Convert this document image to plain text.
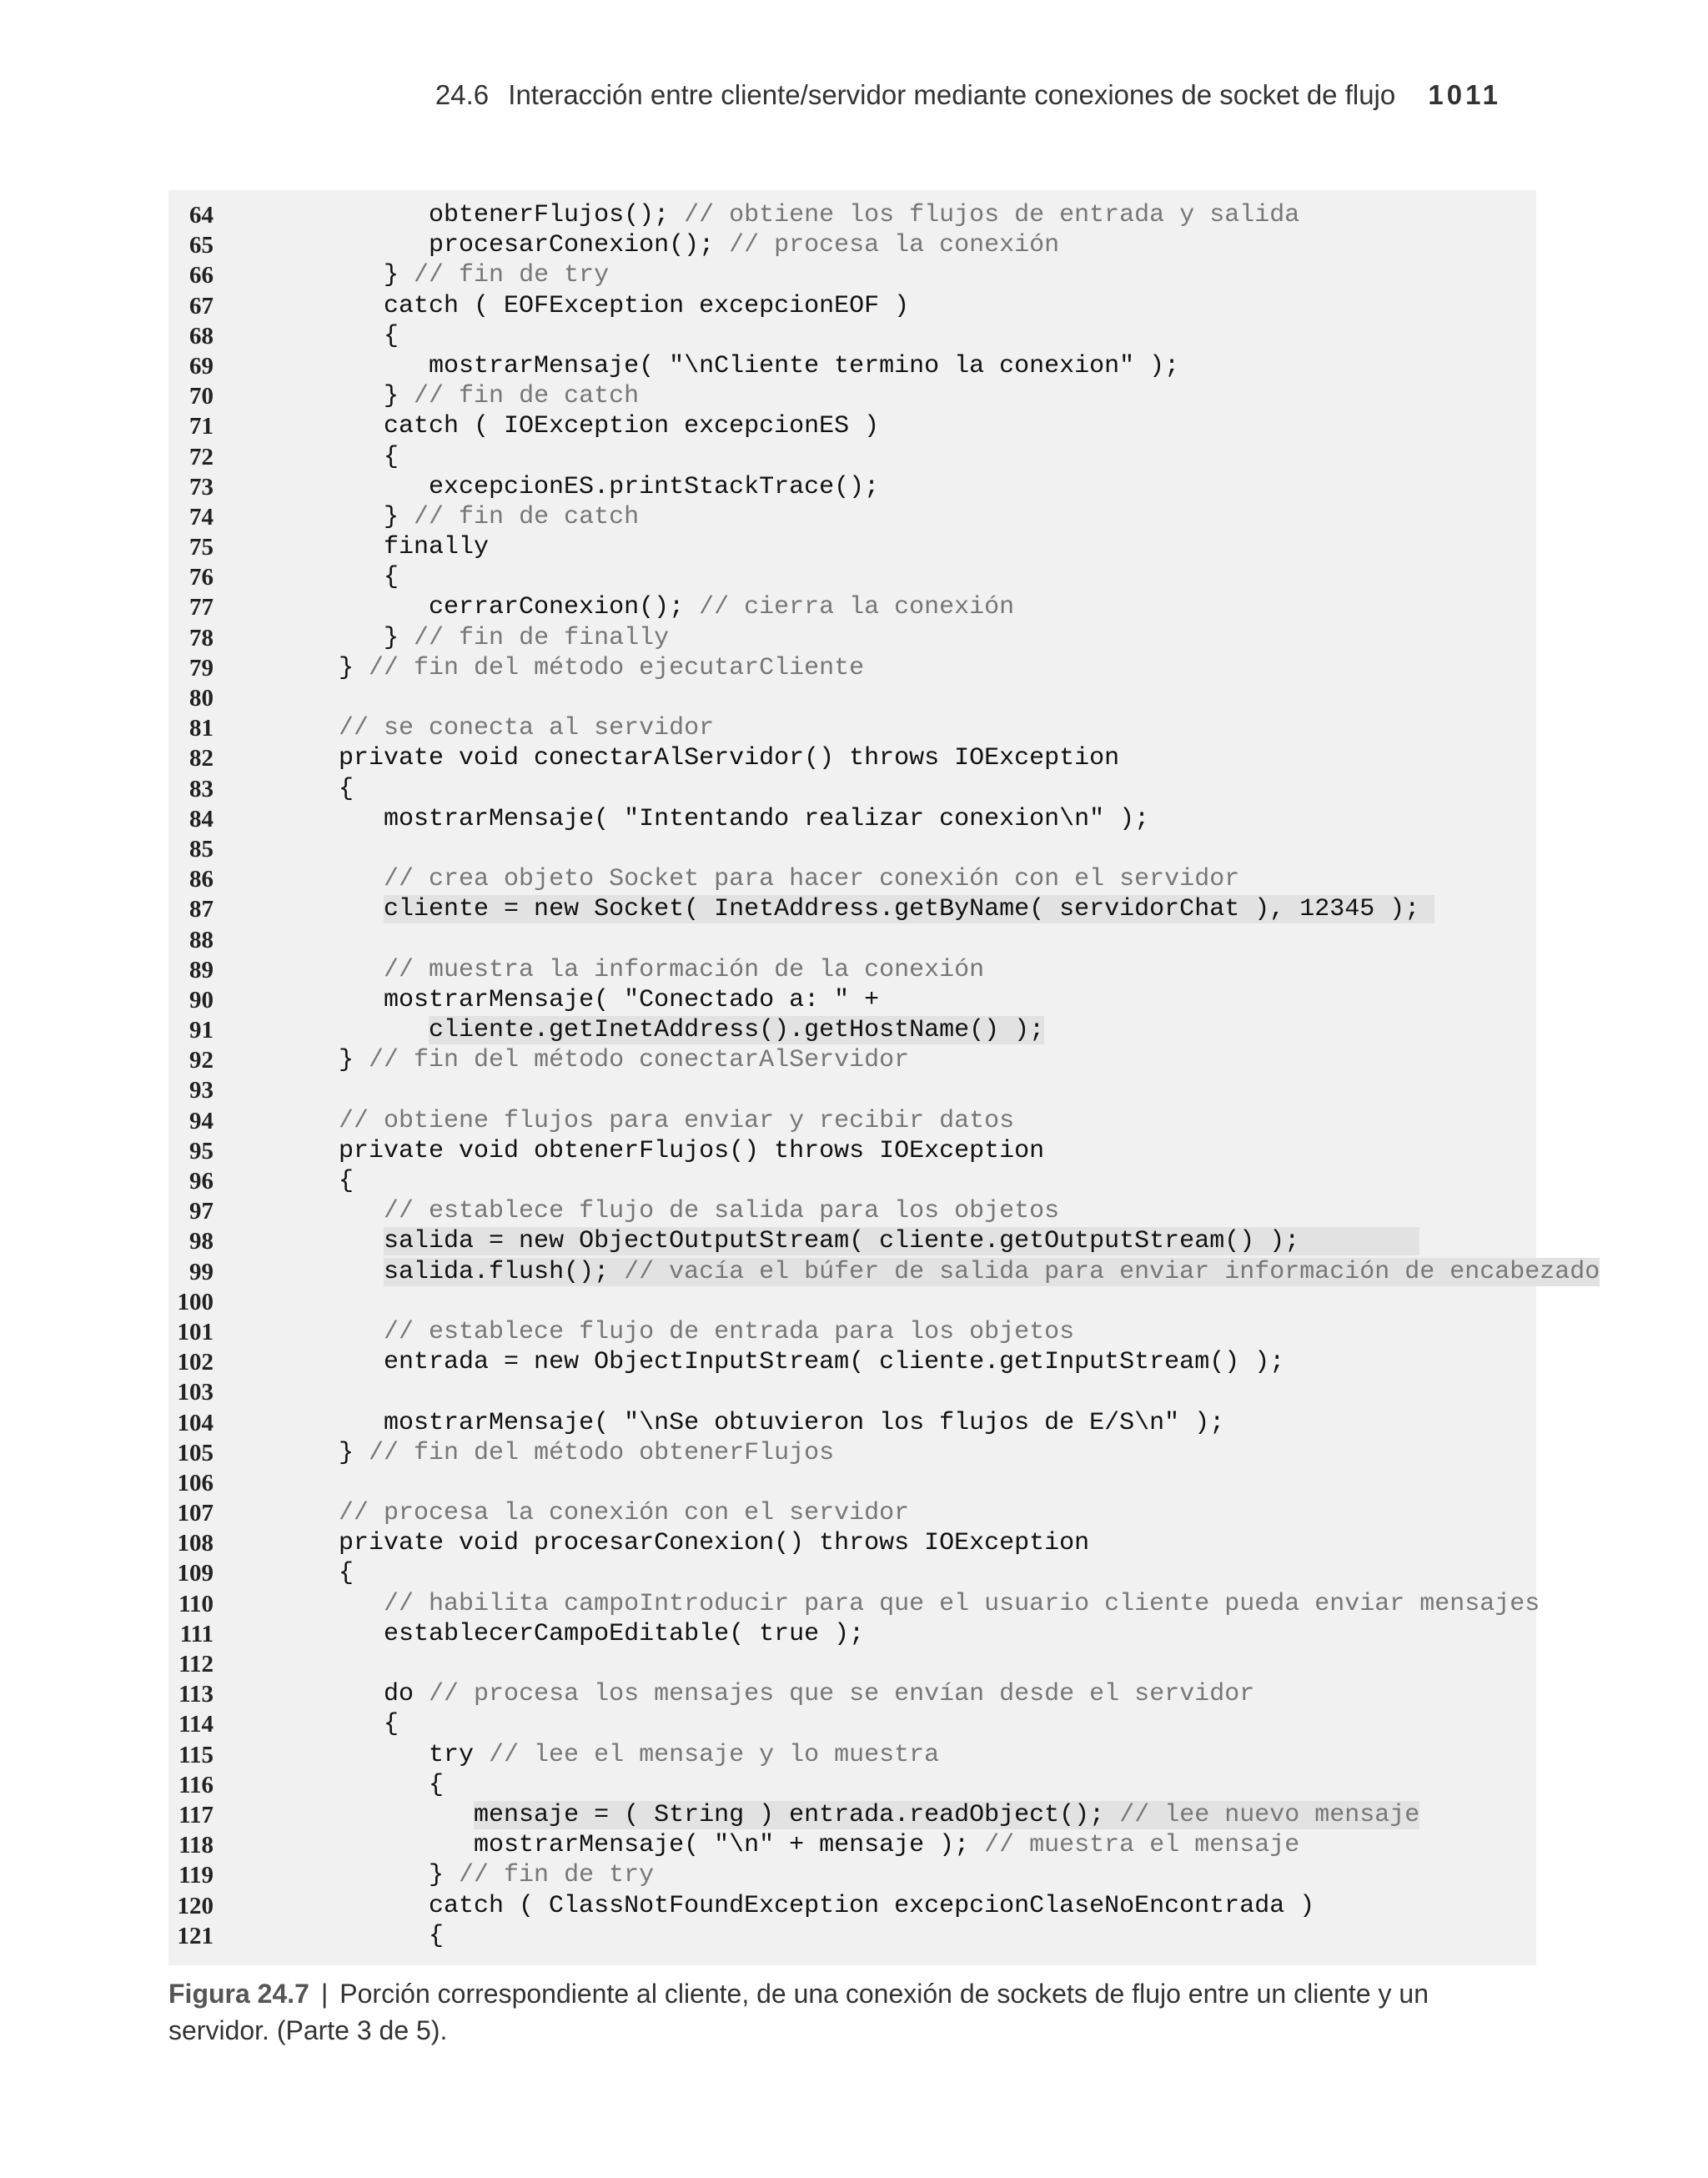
24.6 Interacción entre cliente/servidor mediante conexiones de socket de flujo 1011
64	obtenerFlujos(); // obtiene los flujos de entrada y salida
65	procesarConexion(); // procesa la conexión
66	} // fin de try
67	catch ( EOFException excepcionEOF )
68	{
69	mostrarMensaje( "\nCliente termino la conexion" );
70	} // fin de catch
71	catch ( IOException excepcionES )
72	{
73	excepcionES.printStackTrace();
74	} // fin de catch
75	finally
76	{
77	cerrarConexion(); // cierra la conexión
78	} // fin de finally
79	} // fin del método ejecutarCliente
80
81	// se conecta al servidor
82	private void conectarAlServidor() throws IOException
83	{
84	mostrarMensaje( "Intentando realizar conexion\n" );
85
86	// crea objeto Socket para hacer conexión con el servidor
87	cliente = new Socket( InetAddress.getByName( servidorChat ), 12345 );
88
89	// muestra la información de la conexión
90	mostrarMensaje( "Conectado a: " +
91	cliente.getInetAddress().getHostName() );
92	} // fin del método conectarAlServidor
93
94	// obtiene flujos para enviar y recibir datos
95	private void obtenerFlujos() throws IOException
96	{
97	// establece flujo de salida para los objetos
98	salida = new ObjectOutputStream( cliente.getOutputStream() );
99	salida.flush(); // vacía el búfer de salida para enviar información de encabezado
100
101	// establece flujo de entrada para los objetos
102	entrada = new ObjectInputStream( cliente.getInputStream() );
103
104	mostrarMensaje( "\nSe obtuvieron los flujos de E/S\n" );
105	} // fin del método obtenerFlujos
106
107	// procesa la conexión con el servidor
108	private void procesarConexion() throws IOException
109	{
110	// habilita campoIntroducir para que el usuario cliente pueda enviar mensajes
111	establecerCampoEditable( true );
112
113	do // procesa los mensajes que se envían desde el servidor
114	{
115	try // lee el mensaje y lo muestra
116	{
117	mensaje = ( String ) entrada.readObject(); // lee nuevo mensaje
118	mostrarMensaje( "\n" + mensaje ); // muestra el mensaje
119	} // fin de try
120	catch ( ClassNotFoundException excepcionClaseNoEncontrada )
121	{
Figura 24.7 | Porción correspondiente al cliente, de una conexión de sockets de flujo entre un cliente y un servidor. (Parte 3 de 5).
